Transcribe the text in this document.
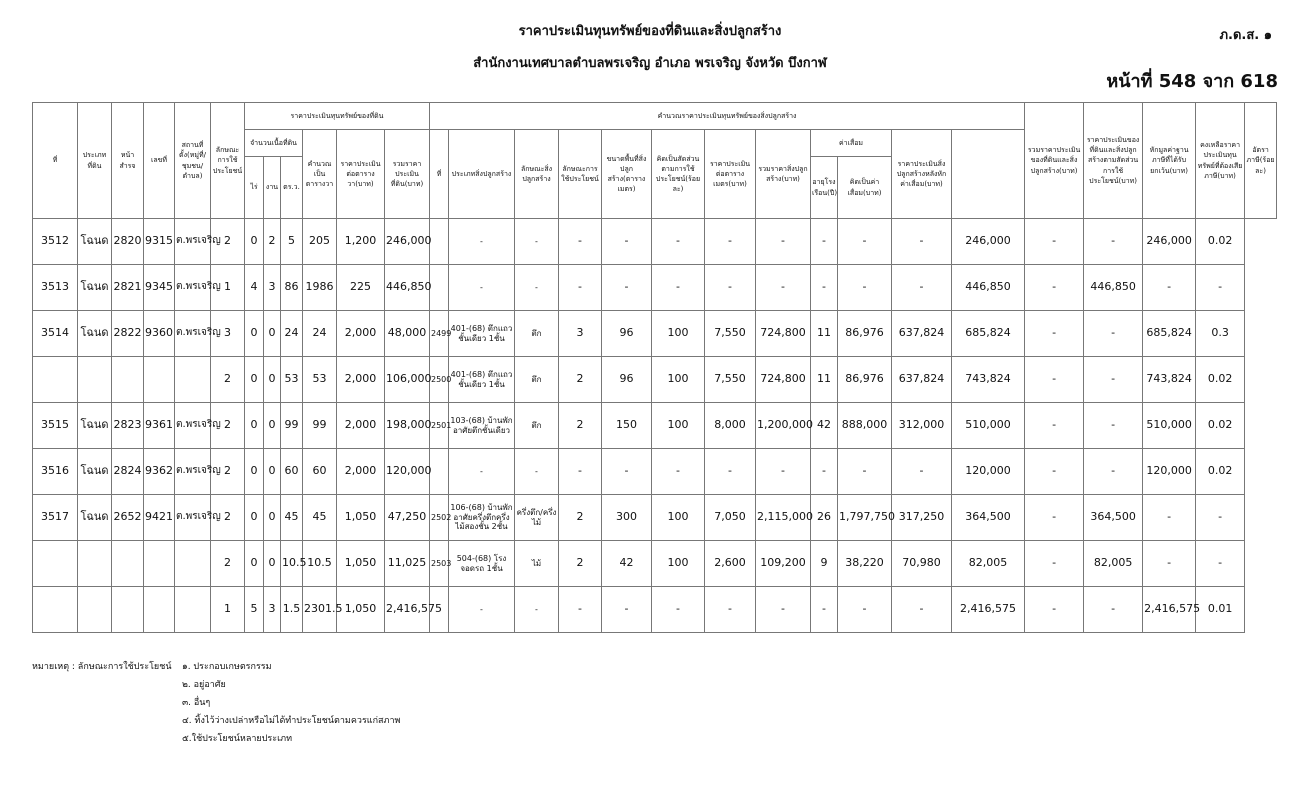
ราคาประเมินทุนทรัพย์ของที่ดินและสิ่งปลูกสร้าง
สำนักงานเทศบาลตำบลพรเจริญ อำเภอ พรเจริญ จังหวัด บึงกาฬ
ภ.ด.ส. ๑
หน้าที่ 548 จาก 618
ที่	ประเภทที่ดิน	หน้าสำรจ	เลขที่	สถานที่ตั้ง(หมู่ที่/ชุมชน/ตำบล)	ลักษณะการใช้ประโยชน์	ราคาประเมินทุนทรัพย์ของที่ดิน						คำนวณราคาประเมินทุนทรัพย์ของสิ่งปลูกสร้าง												รวมราคาประเมินของที่ดินและสิ่งปลูกสร้าง(บาท)	ราคาประเมินของที่ดินและสิ่งปลูกสร้างตามสัดส่วนการใช้ประโยชน์(บาท)	หักมูลค่าฐานภาษีที่ได้รับยกเว้น(บาท)	คงเหลือราคาประเมินทุนทรัพย์ที่ต้องเสียภาษี(บาท)	อัตราภาษี(ร้อยละ)
						จำนวนเนื้อที่ดิน			คำนวณเป็นตารางวา	ราคาประเมินต่อตารางวา(บาท)	รวมราคาประเมินที่ดิน(บาท)	ที่	ประเภทสิ่งปลูกสร้าง	ลักษณะสิ่งปลูกสร้าง	ลักษณะการใช้ประโยชน์	ขนาดพื้นที่สิ่งปลูกสร้าง(ตารางเมตร)	คิดเป็นสัดส่วนตามการใช้ประโยชน์(ร้อยละ)	ราคาประเมินต่อตารางเมตร(บาท)	รวมราคาสิ่งปลูกสร้าง(บาท)	ค่าเสื่อม		ราคาประเมินสิ่งปลูกสร้างหลังหักค่าเสื่อม(บาท)						
						ไร่	งาน	ตร.ว.												อายุโรงเรือน(ปี)	คิดเป็นค่าเสื่อม(บาท)							
3512	โฉนด	2820	9315	ต.พรเจริญ	2	0	2	5	205	1,200	246,000		-	-	-	-	-	-	-	-	-	-	246,000	-	-	246,000	0.02	
3513	โฉนด	2821	9345	ต.พรเจริญ	1	4	3	86	1986	225	446,850		-	-	-	-	-	-	-	-	-	-	446,850	-	446,850	-	-	
3514	โฉนด	2822	9360	ต.พรเจริญ	3	0	0	24	24	2,000	48,000	2499	401-(68) ตึกแถวชั้นเดียว 1ชั้น	ตึก	3	96	100	7,550	724,800	11	86,976	637,824	685,824	-	-	685,824	0.3	
					2	0	0	53	53	2,000	106,000	2500	401-(68) ตึกแถวชั้นเดียว 1ชั้น	ตึก	2	96	100	7,550	724,800	11	86,976	637,824	743,824	-	-	743,824	0.02	
3515	โฉนด	2823	9361	ต.พรเจริญ	2	0	0	99	99	2,000	198,000	2501	103-(68) บ้านพักอาศัยตึกชั้นเดียว	ตึก	2	150	100	8,000	1,200,000	42	888,000	312,000	510,000	-	-	510,000	0.02	
3516	โฉนด	2824	9362	ต.พรเจริญ	2	0	0	60	60	2,000	120,000		-	-	-	-	-	-	-	-	-	-	120,000	-	-	120,000	0.02	
3517	โฉนด	2652	9421	ต.พรเจริญ	2	0	0	45	45	1,050	47,250	2502	106-(68) บ้านพักอาศัยครึ่งตึกครึ่งไม้สองชั้น 2ชั้น	ครึ่งตึก/ครึ่งไม้	2	300	100	7,050	2,115,000	26	1,797,750	317,250	364,500	-	364,500	-	-	
					2	0	0	10.5	10.5	1,050	11,025	2503	504-(68) โรงจอดรถ 1ชั้น	ไม้	2	42	100	2,600	109,200	9	38,220	70,980	82,005	-	82,005	-	-	
					1	5	3	1.5	2301.5	1,050	2,416,575		-	-	-	-	-	-	-	-	-	-	2,416,575	-	-	2,416,575	0.01	
หมายเหตุ : ลักษณะการใช้ประโยชน์ ๑. ประกอบเกษตรกรรม
๒. อยู่อาศัย
๓. อื่นๆ
๔. ทิ้งไว้ว่างเปล่าหรือไม่ได้ทำประโยชน์ตามควรแก่สภาพ
๕.ใช้ประโยชน์หลายประเภท
